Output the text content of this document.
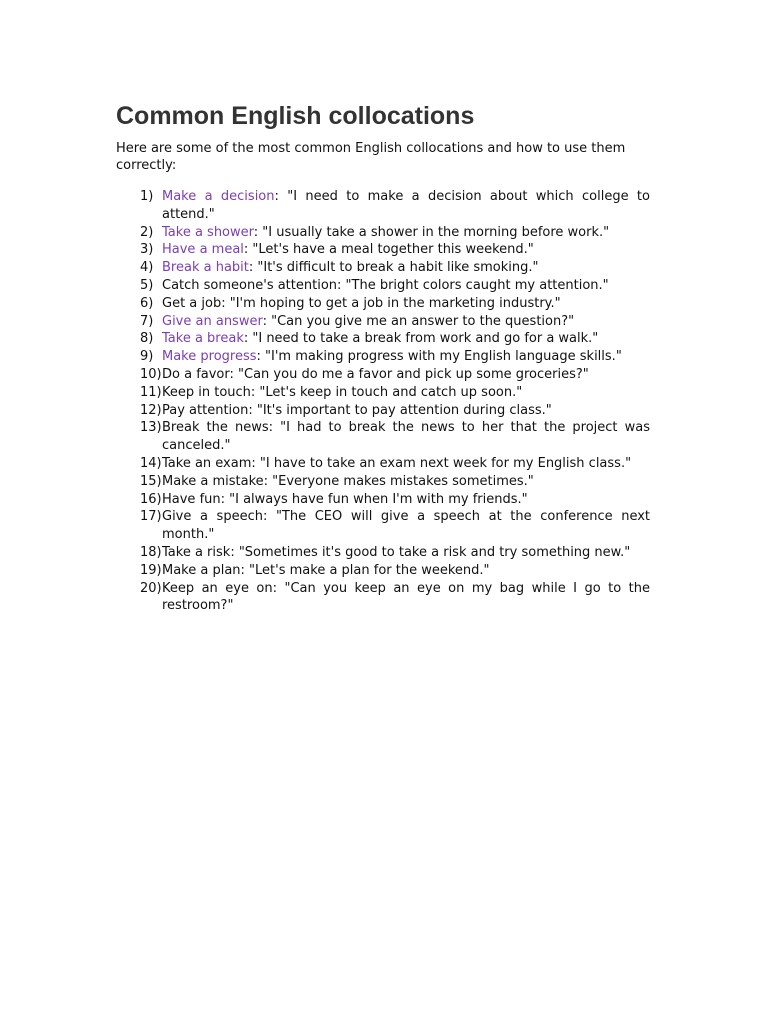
Common English collocations

Here are some of the most common English collocations and how to use them correctly:

1) Make a decision: "I need to make a decision about which college to attend."
2) Take a shower: "I usually take a shower in the morning before work."
3) Have a meal: "Let's have a meal together this weekend."
4) Break a habit: "It's difficult to break a habit like smoking."
5) Catch someone's attention: "The bright colors caught my attention."
6) Get a job: "I'm hoping to get a job in the marketing industry."
7) Give an answer: "Can you give me an answer to the question?"
8) Take a break: "I need to take a break from work and go for a walk."
9) Make progress: "I'm making progress with my English language skills."
10) Do a favor: "Can you do me a favor and pick up some groceries?"
11) Keep in touch: "Let's keep in touch and catch up soon."
12) Pay attention: "It's important to pay attention during class."
13) Break the news: "I had to break the news to her that the project was canceled."
14) Take an exam: "I have to take an exam next week for my English class."
15) Make a mistake: "Everyone makes mistakes sometimes."
16) Have fun: "I always have fun when I'm with my friends."
17) Give a speech: "The CEO will give a speech at the conference next month."
18) Take a risk: "Sometimes it's good to take a risk and try something new."
19) Make a plan: "Let's make a plan for the weekend."
20) Keep an eye on: "Can you keep an eye on my bag while I go to the restroom?"
